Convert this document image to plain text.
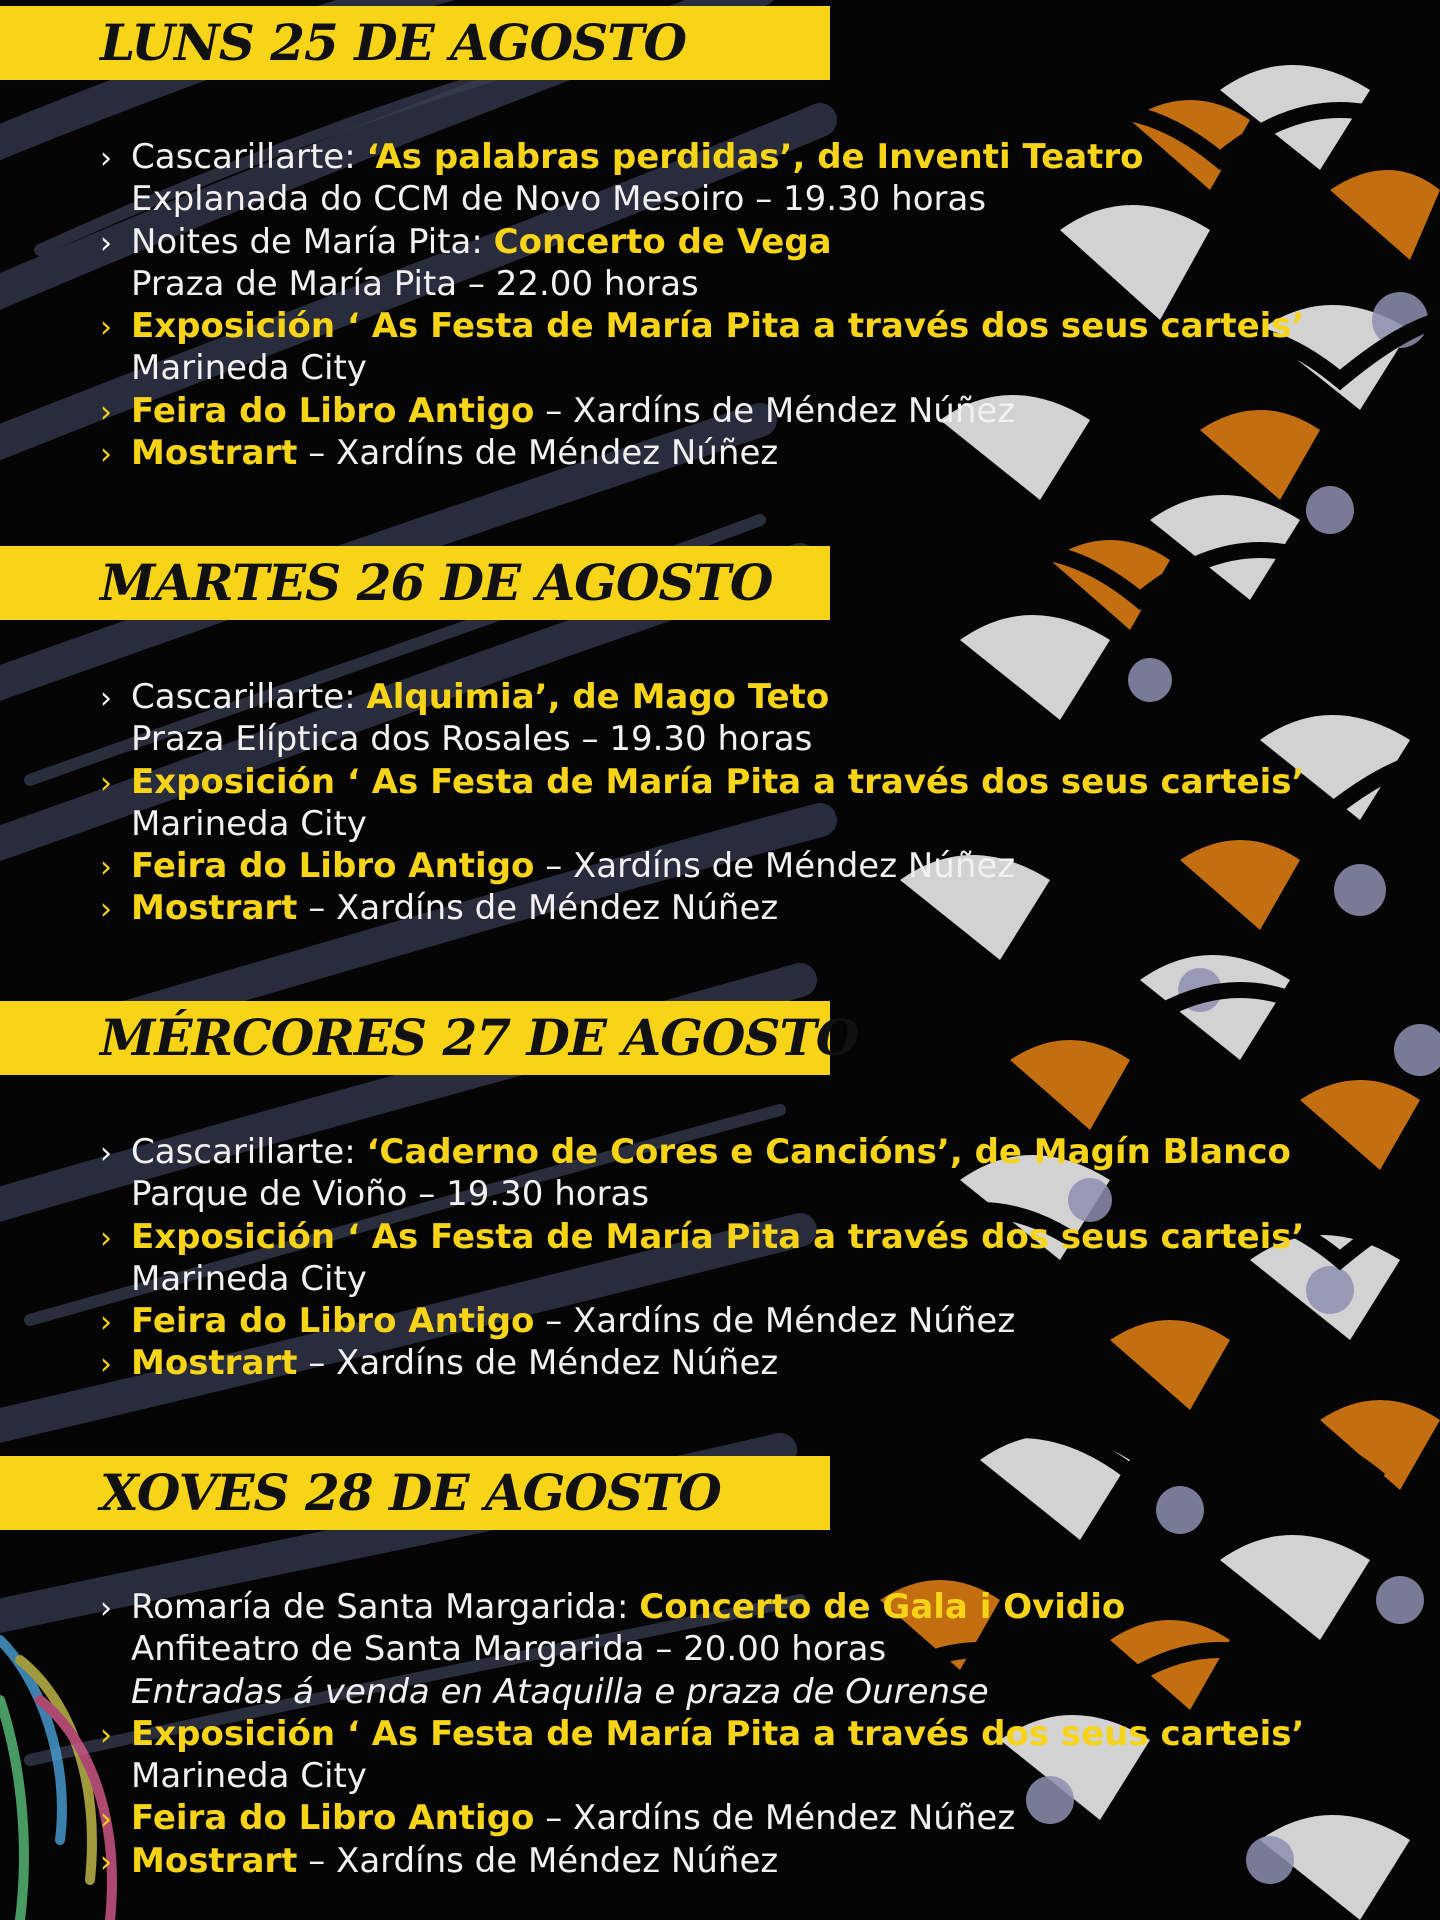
LUNS 25 DE AGOSTO
› Cascarillarte: ‘As palabras perdidas’, de Inventi Teatro
Explanada do CCM de Novo Mesoiro – 19.30 horas
› Noites de María Pita: Concerto de Vega
Praza de María Pita – 22.00 horas
› Exposición ‘ As Festa de María Pita a través dos seus carteis’
Marineda City
› Feira do Libro Antigo – Xardíns de Méndez Núñez
› Mostrart – Xardíns de Méndez Núñez
MARTES 26 DE AGOSTO
› Cascarillarte: Alquimia’, de Mago Teto
Praza Elíptica dos Rosales – 19.30 horas
› Exposición ‘ As Festa de María Pita a través dos seus carteis’
Marineda City
› Feira do Libro Antigo – Xardíns de Méndez Núñez
› Mostrart – Xardíns de Méndez Núñez
MÉRCORES 27 DE AGOSTO
› Cascarillarte: ‘Caderno de Cores e Cancións’, de Magín Blanco
Parque de Vioño – 19.30 horas
› Exposición ‘ As Festa de María Pita a través dos seus carteis’
Marineda City
› Feira do Libro Antigo – Xardíns de Méndez Núñez
› Mostrart – Xardíns de Méndez Núñez
XOVES 28 DE AGOSTO
› Romaría de Santa Margarida: Concerto de Gala i Ovidio
Anfiteatro de Santa Margarida – 20.00 horas
Entradas á venda en Ataquilla e praza de Ourense
› Exposición ‘ As Festa de María Pita a través dos seus carteis’
Marineda City
› Feira do Libro Antigo – Xardíns de Méndez Núñez
› Mostrart – Xardíns de Méndez Núñez
